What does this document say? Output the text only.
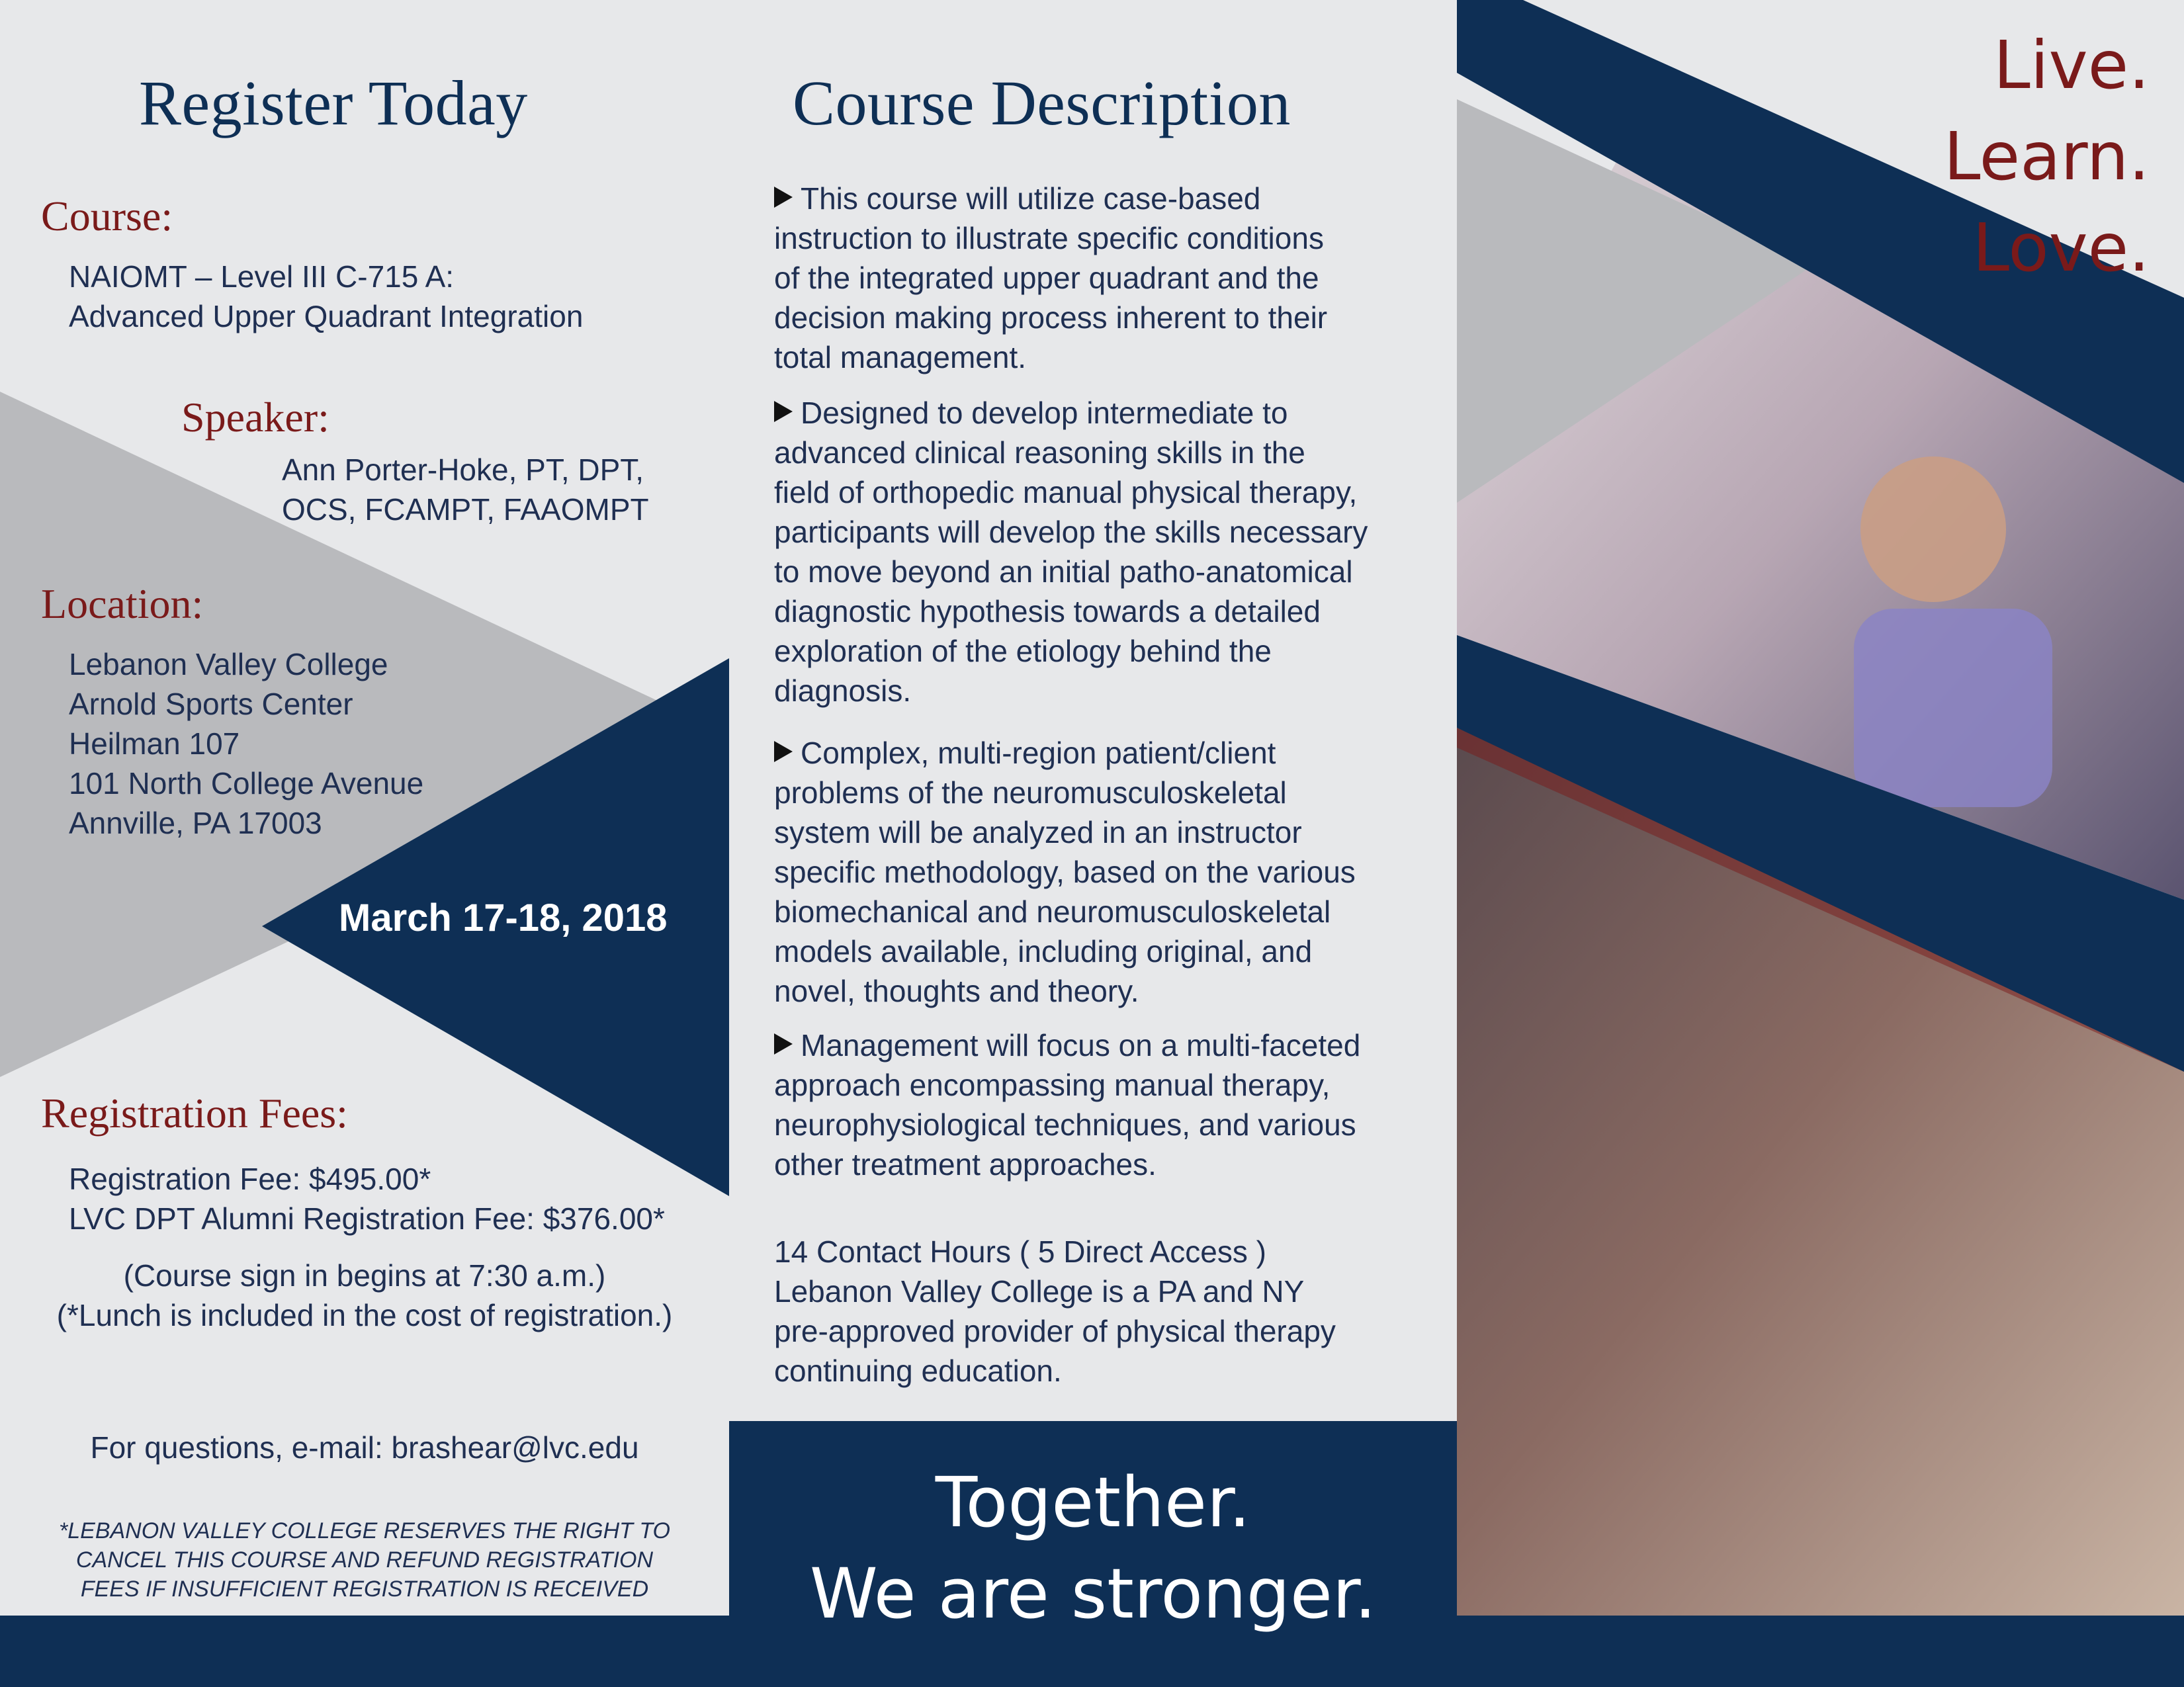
Register Today
Course:
NAIOMT – Level III C-715 A:
Advanced Upper Quadrant Integration
Speaker:
Ann Porter-Hoke, PT, DPT,
OCS, FCAMPT, FAAOMPT
Location:
Lebanon Valley College
Arnold Sports Center
Heilman 107
101 North College Avenue
Annville, PA 17003
March 17-18, 2018
Registration Fees:
Registration Fee: $495.00*
LVC DPT Alumni Registration Fee: $376.00*
(Course sign in begins at 7:30 a.m.)
(*Lunch is included in the cost of registration.)
For questions, e-mail: brashear@lvc.edu
*LEBANON VALLEY COLLEGE RESERVES THE RIGHT TO
CANCEL THIS COURSE AND REFUND REGISTRATION
FEES IF INSUFFICIENT REGISTRATION IS RECEIVED
Course Description
This course will utilize case-based
instruction to illustrate specific conditions
of the integrated upper quadrant and the
decision making process inherent to their
total management.
Designed to develop intermediate to
advanced clinical reasoning skills in the
field of orthopedic manual physical therapy,
participants will develop the skills necessary
to move beyond an initial patho-anatomical
diagnostic hypothesis towards a detailed
exploration of the etiology behind the
diagnosis.
Complex, multi-region patient/client
problems of the neuromusculoskeletal
system will be analyzed in an instructor
specific methodology, based on the various
biomechanical and neuromusculoskeletal
models available, including original, and
novel, thoughts and theory.
Management will focus on a multi-faceted
approach encompassing manual therapy,
neurophysiological techniques, and various
other treatment approaches.
14 Contact Hours ( 5 Direct Access )
Lebanon Valley College is a PA and NY
pre-approved provider of physical therapy
continuing education.
Live.
Learn.
Love.
Together.
We are stronger.
